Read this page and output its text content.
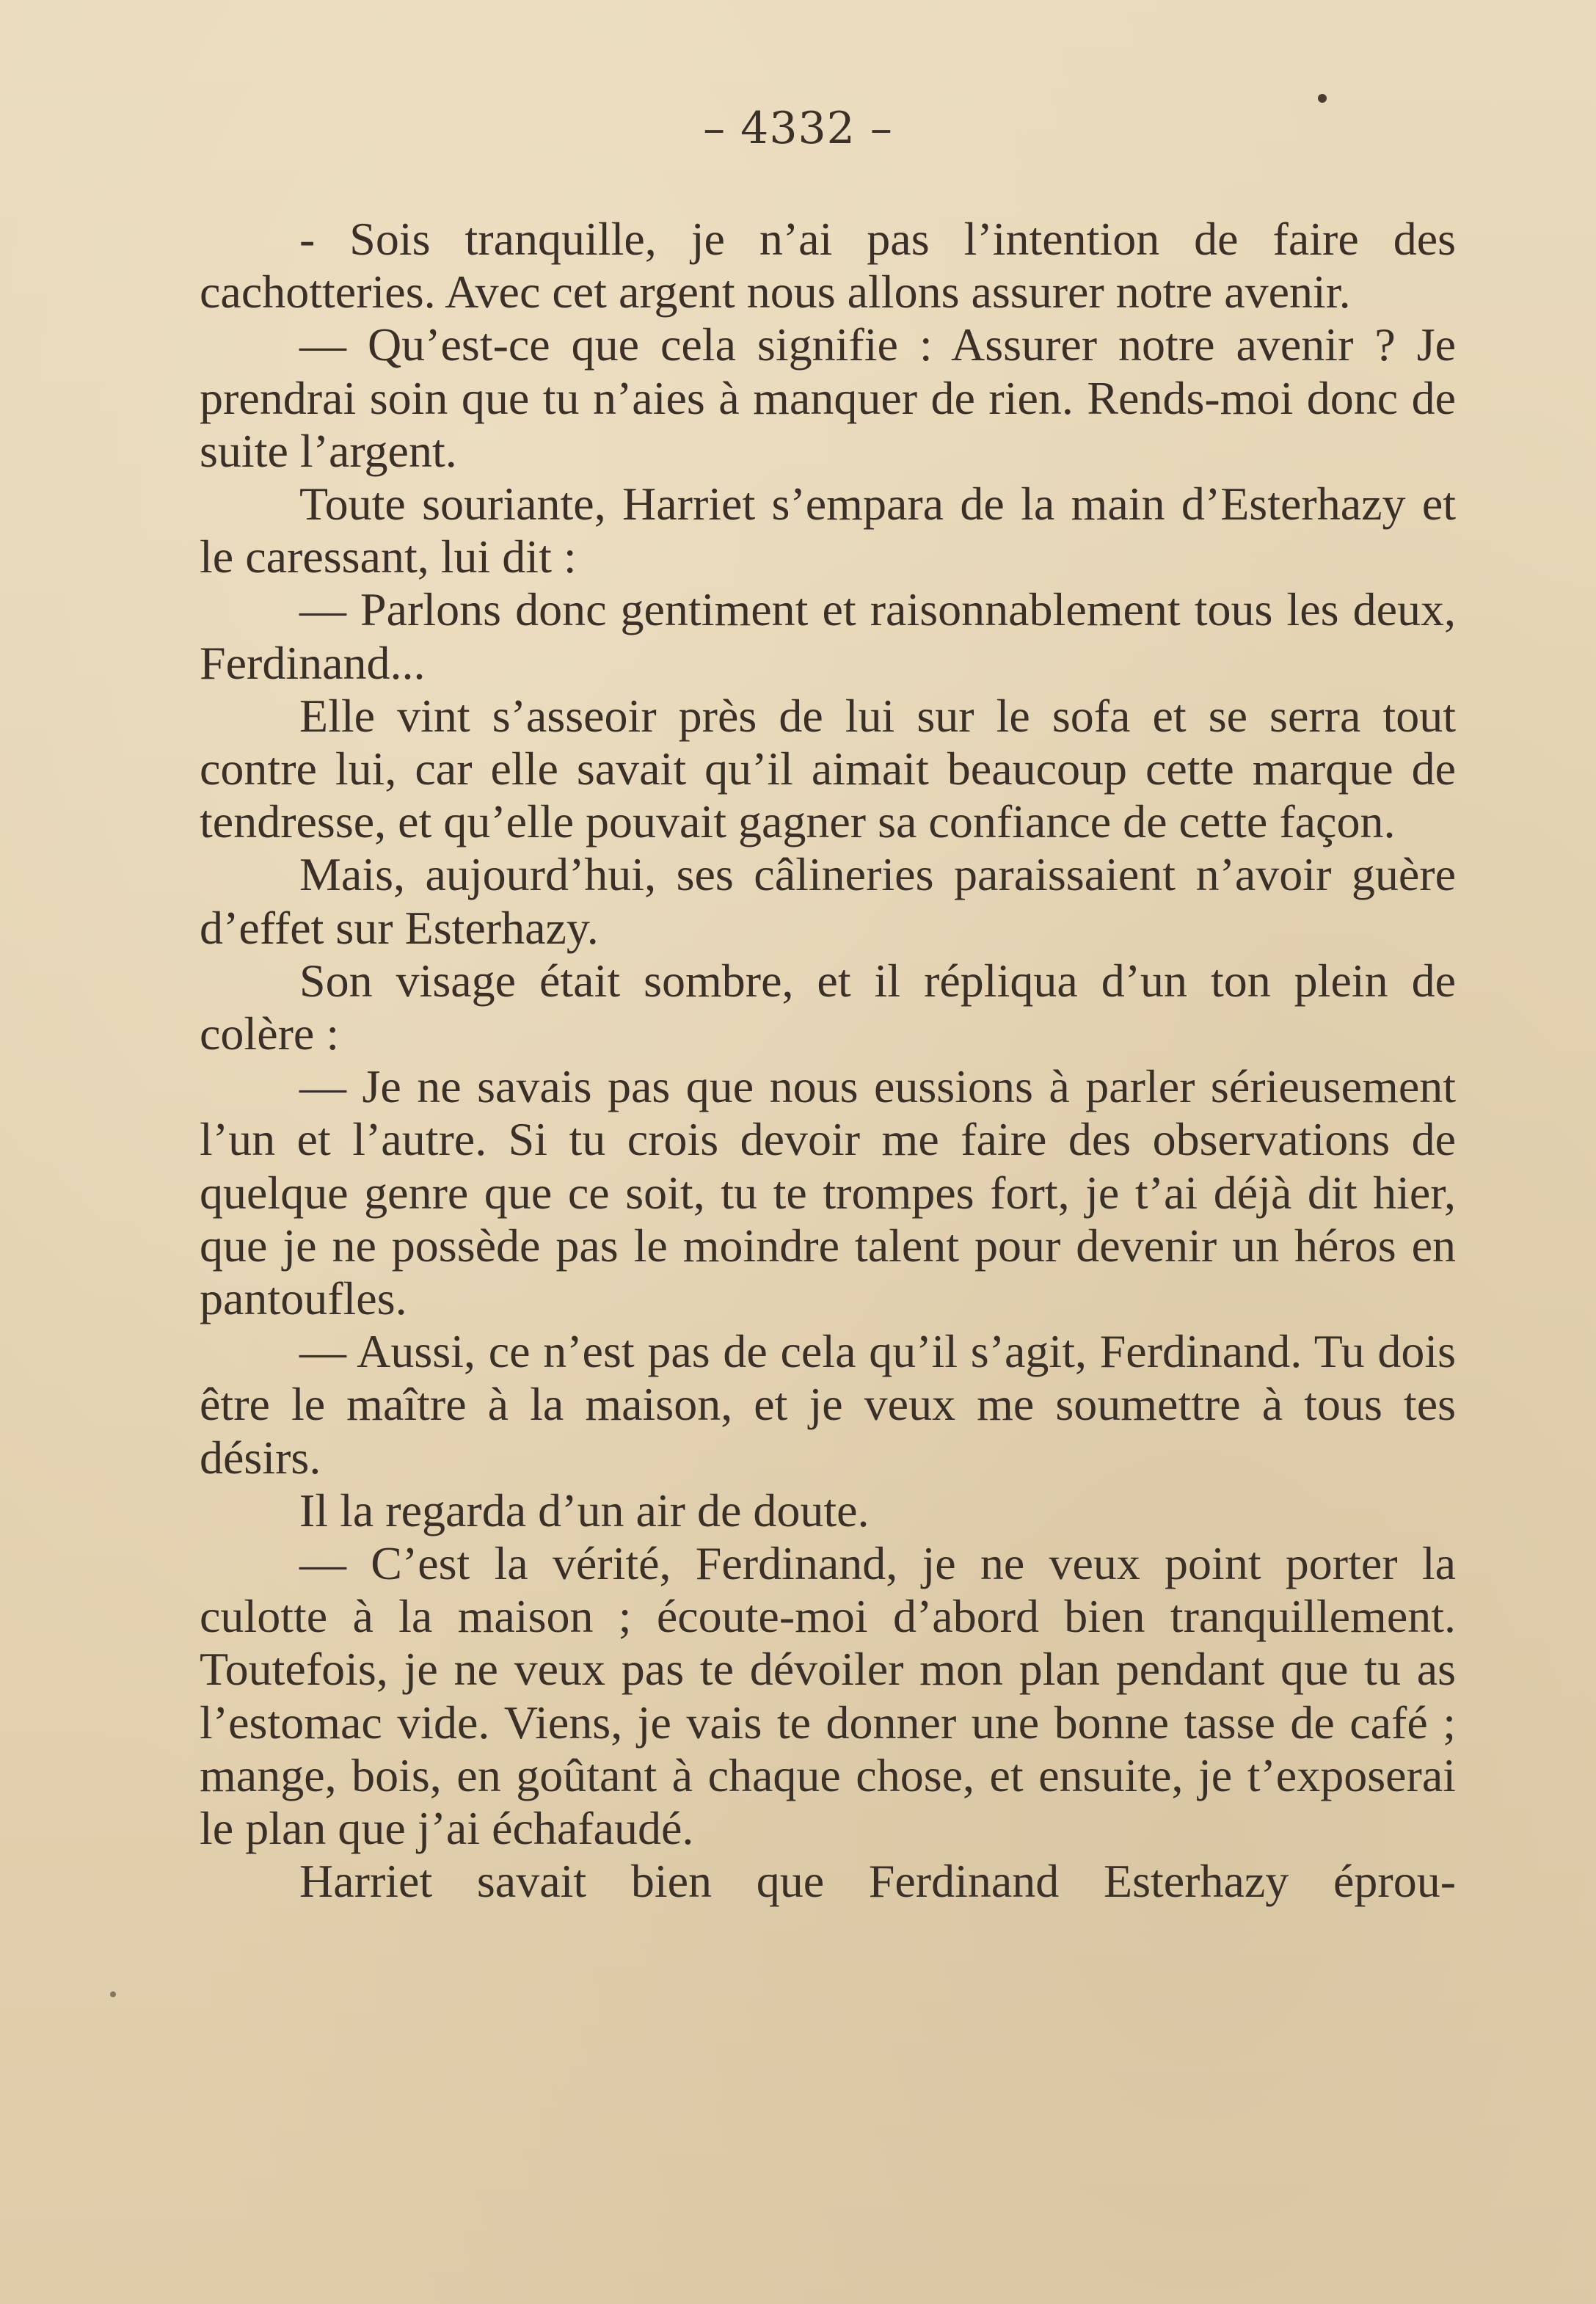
– 4332 –

- Sois tranquille, je n’ai pas l’intention de faire des cachotteries. Avec cet argent nous allons assurer notre avenir.

— Qu’est-ce que cela signifie : Assurer notre avenir ? Je prendrai soin que tu n’aies à manquer de rien. Rends-moi donc de suite l’argent.

Toute souriante, Harriet s’empara de la main d’Esterhazy et le caressant, lui dit :

— Parlons donc gentiment et raisonnablement tous les deux, Ferdinand...

Elle vint s’asseoir près de lui sur le sofa et se serra tout contre lui, car elle savait qu’il aimait beaucoup cette marque de tendresse, et qu’elle pouvait gagner sa confiance de cette façon.

Mais, aujourd’hui, ses câlineries paraissaient n’avoir guère d’effet sur Esterhazy.

Son visage était sombre, et il répliqua d’un ton plein de colère :

— Je ne savais pas que nous eussions à parler sérieusement l’un et l’autre. Si tu crois devoir me faire des observations de quelque genre que ce soit, tu te trompes fort, je t’ai déjà dit hier, que je ne possède pas le moindre talent pour devenir un héros en pantoufles.

— Aussi, ce n’est pas de cela qu’il s’agit, Ferdinand. Tu dois être le maître à la maison, et je veux me soumettre à tous tes désirs.

Il la regarda d’un air de doute.

— C’est la vérité, Ferdinand, je ne veux point porter la culotte à la maison ; écoute-moi d’abord bien tranquillement. Toutefois, je ne veux pas te dévoiler mon plan pendant que tu as l’estomac vide. Viens, je vais te donner une bonne tasse de café ; mange, bois, en goûtant à chaque chose, et ensuite, je t’exposerai le plan que j’ai échafaudé.

Harriet savait bien que Ferdinand Esterhazy éprou-
